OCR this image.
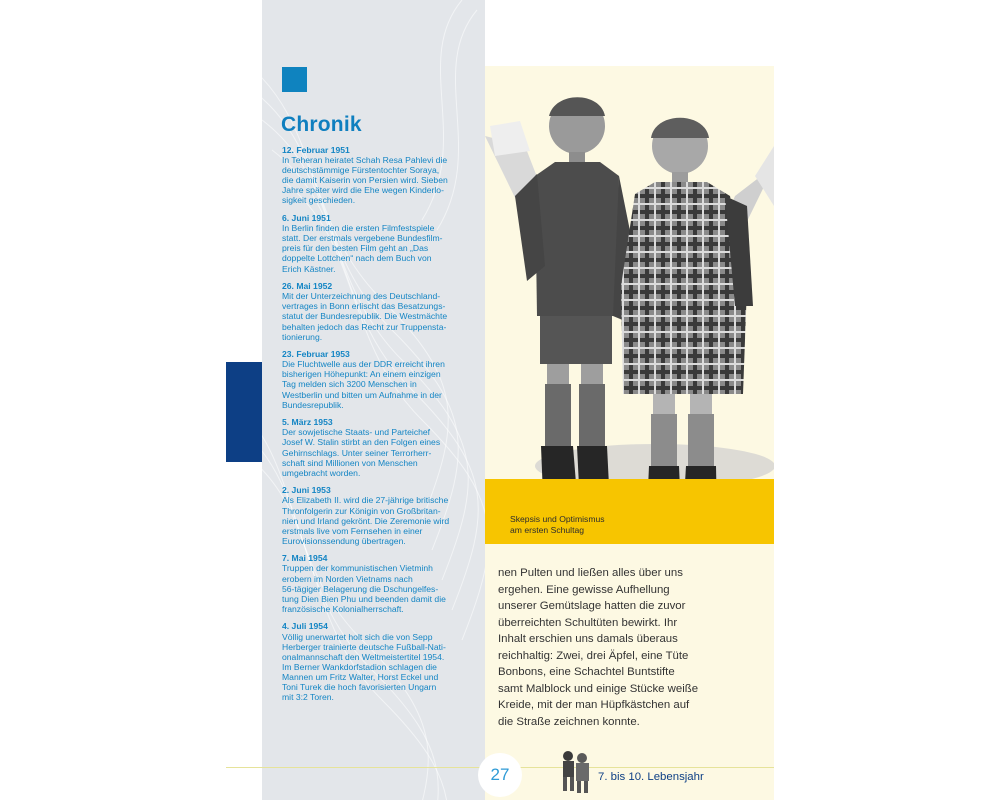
Chronik
12. Februar 1951
In Teheran heiratet Schah Resa Pahlevi die
deutschstämmige Fürstentochter Soraya,
die damit Kaiserin von Persien wird. Sieben
Jahre später wird die Ehe wegen Kinderlo-
sigkeit geschieden.
6. Juni 1951
In Berlin finden die ersten Filmfestspiele
statt. Der erstmals vergebene Bundesfilm-
preis für den besten Film geht an „Das
doppelte Lottchen“ nach dem Buch von
Erich Kästner.
26. Mai 1952
Mit der Unterzeichnung des Deutschland-
vertrages in Bonn erlischt das Besatzungs-
statut der Bundesrepublik. Die Westmächte
behalten jedoch das Recht zur Truppensta-
tionierung.
23. Februar 1953
Die Fluchtwelle aus der DDR erreicht ihren
bisherigen Höhepunkt: An einem einzigen
Tag melden sich 3200 Menschen in
Westberlin und bitten um Aufnahme in der
Bundesrepublik.
5. März 1953
Der sowjetische Staats- und Parteichef
Josef W. Stalin stirbt an den Folgen eines
Gehirnschlags. Unter seiner Terrorherr-
schaft sind Millionen von Menschen
umgebracht worden.
2. Juni 1953
Als Elizabeth II. wird die 27-jährige britische
Thronfolgerin zur Königin von Großbritan-
nien und Irland gekrönt. Die Zeremonie wird
erstmals live vom Fernsehen in einer
Eurovisionssendung übertragen.
7. Mai 1954
Truppen der kommunistischen Vietminh
erobern im Norden Vietnams nach
56-tägiger Belagerung die Dschungelfes-
tung Dien Bien Phu und beenden damit die
französische Kolonialherrschaft.
4. Juli 1954
Völlig unerwartet holt sich die von Sepp
Herberger trainierte deutsche Fußball-Nati-
onalmannschaft den Weltmeistertitel 1954.
Im Berner Wankdorfstadion schlagen die
Mannen um Fritz Walter, Horst Eckel und
Toni Turek die hoch favorisierten Ungarn
mit 3:2 Toren.
Skepsis und Optimismus
am ersten Schultag
nen Pulten und ließen alles über uns
ergehen. Eine gewisse Aufhellung
unserer Gemütslage hatten die zuvor
überreichten Schultüten bewirkt. Ihr
Inhalt erschien uns damals überaus
reichhaltig: Zwei, drei Äpfel, eine Tüte
Bonbons, eine Schachtel Buntstifte
samt Malblock und einige Stücke weiße
Kreide, mit der man Hüpfkästchen auf
die Straße zeichnen konnte.
27	7. bis 10. Lebensjahr
